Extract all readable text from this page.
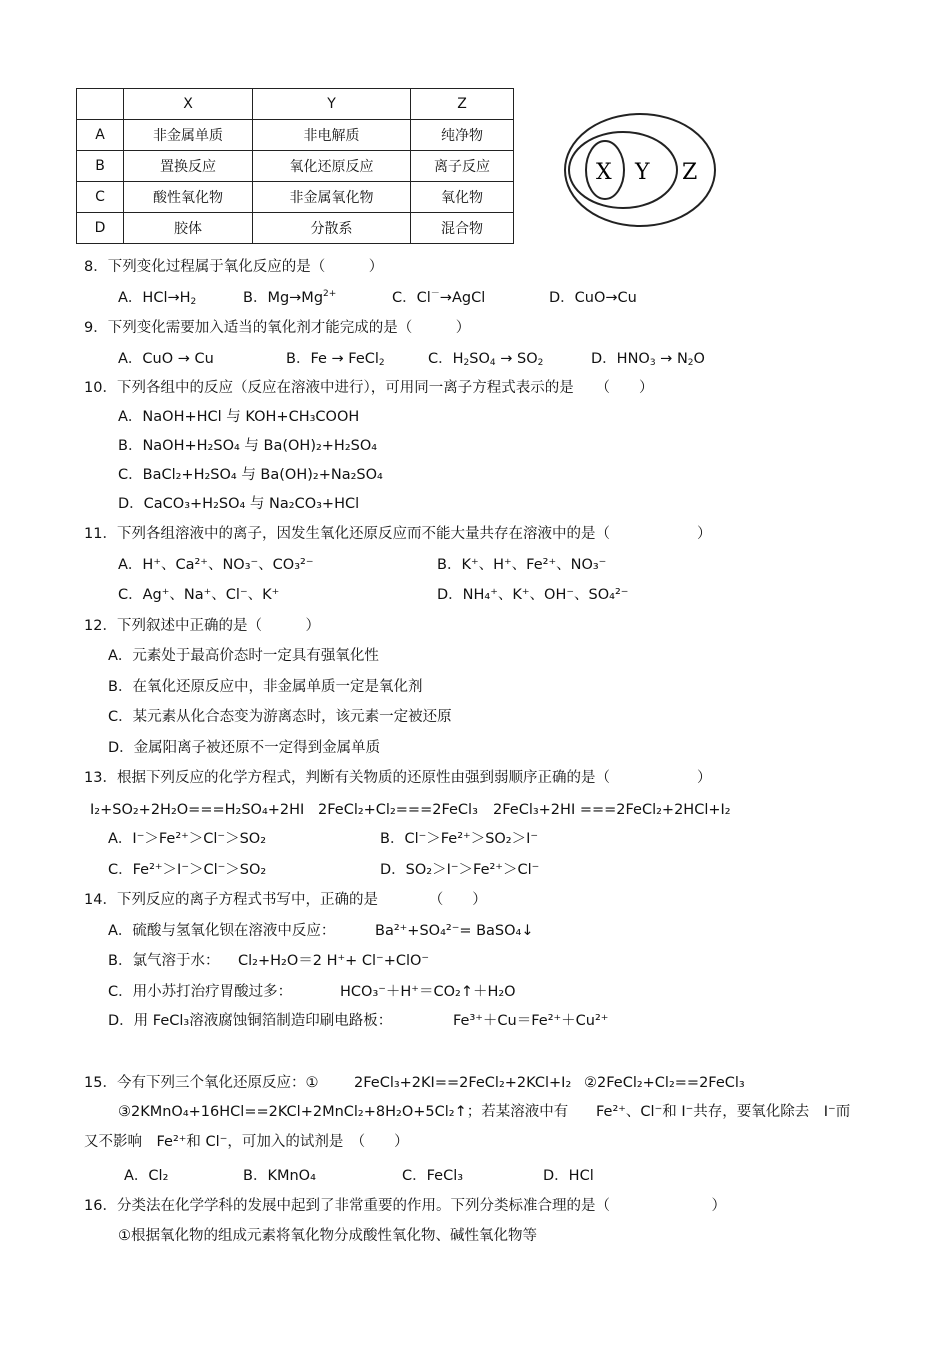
	X	Y	Z
A	非金属单质	非电解质	纯净物
B	置换反应	氧化还原反应	离子反应
C	酸性氧化物	非金属氧化物	氧化物
D	胶体	分散系	混合物
X Y Z
8．下列变化过程属于氧化反应的是（　　　）
A．$HCl\to H_2$	B．$Mg\to Mg^{2+}$	C．Cl－→AgCl	D．CuO→Cu
9．下列变化需要加入适当的氧化剂才能完成的是（　　　）
A．CuO → Cu	B．Fe → FeCl$_2$	C．$H_2SO_4 \to SO_2$	D．$HNO_3 \to N_2O$
10．下列各组中的反应（反应在溶液中进行），可用同一离子方程式表示的是　　（　　）
A．NaOH+HCl 与 KOH+CH₃COOH
B．NaOH+H₂SO₄ 与 Ba(OH)₂+H₂SO₄
C．BaCl₂+H₂SO₄ 与 Ba(OH)₂+Na₂SO₄
D．CaCO₃+H₂SO₄ 与 Na₂CO₃+HCl
11．下列各组溶液中的离子，因发生氧化还原反应而不能大量共存在溶液中的是（　　　　　　）
A．H⁺、Ca²⁺、NO₃⁻、CO₃²⁻	B．K⁺、H⁺、Fe²⁺、NO₃⁻
C．Ag⁺、Na⁺、Cl⁻、K⁺	D．NH₄⁺、K⁺、OH⁻、SO₄²⁻
12．下列叙述中正确的是（　　　）
A．元素处于最高价态时一定具有强氧化性
B．在氧化还原反应中，非金属单质一定是氧化剂
C．某元素从化合态变为游离态时，该元素一定被还原
D．金属阳离子被还原不一定得到金属单质
13．根据下列反应的化学方程式，判断有关物质的还原性由强到弱顺序正确的是（　　　　　　）
I₂+SO₂+2H₂O===H₂SO₄+2HI 2FeCl₂+Cl₂===2FeCl₃ 2FeCl₃+2HI ===2FeCl₂+2HCl+I₂
A．I⁻＞Fe²⁺＞Cl⁻＞SO₂	B．Cl⁻＞Fe²⁺＞SO₂＞I⁻
C．Fe²⁺＞I⁻＞Cl⁻＞SO₂	D．SO₂＞I⁻＞Fe²⁺＞Cl⁻
14．下列反应的离子方程式书写中，正确的是　　　　（　　）
A．硫酸与氢氧化钡在溶液中反应：	Ba²⁺+SO₄²⁻= BaSO₄↓
B．氯气溶于水： Cl₂+H₂O＝2 H⁺+ Cl⁻+ClO⁻
C．用小苏打治疗胃酸过多：	HCO₃⁻＋H⁺＝CO₂↑＋H₂O
D．用 FeCl₃溶液腐蚀铜箔制造印刷电路板：	Fe³⁺＋Cu＝Fe²⁺＋Cu²⁺
15．今有下列三个氧化还原反应：① 2FeCl₃+2KI==2FeCl₂+2KCl+I₂ ②2FeCl₂+Cl₂==2FeCl₃
③2KMnO₄+16HCl==2KCl+2MnCl₂+8H₂O+5Cl₂↑；若某溶液中有 Fe²⁺、Cl⁻和 I⁻共存，要氧化除去　I⁻而
又不影响　Fe²⁺和 Cl⁻，可加入的试剂是　（　　）
A．Cl₂	B．KMnO₄	C．FeCl₃	D．HCl
16．分类法在化学学科的发展中起到了非常重要的作用。下列分类标准合理的是（　　　　　　　）
①根据氧化物的组成元素将氧化物分成酸性氧化物、碱性氧化物等
